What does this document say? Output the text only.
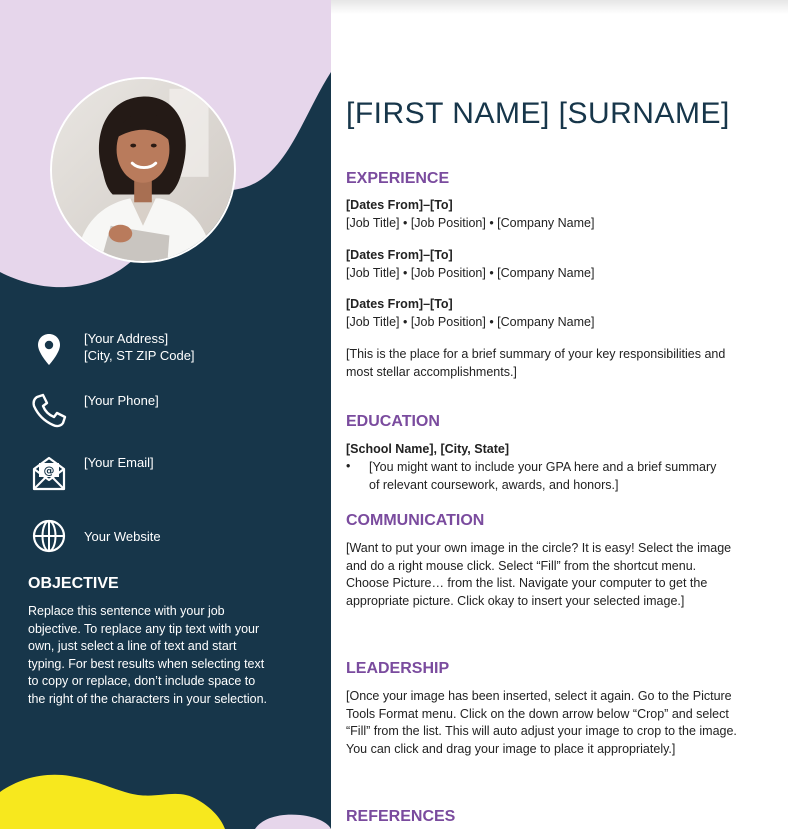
[Your Address]
[City, ST ZIP Code]
[Your Phone]
@
[Your Email]
Your Website
OBJECTIVE
Replace this sentence with your job objective. To replace any tip text with your own, just select a line of text and start typing. For best results when selecting text to copy or replace, don’t include space to the right of the characters in your selection.
[FIRST NAME] [SURNAME]
EXPERIENCE
[Dates From]–[To]
[Job Title] • [Job Position] • [Company Name]
[Dates From]–[To]
[Job Title] • [Job Position] • [Company Name]
[Dates From]–[To]
[Job Title] • [Job Position] • [Company Name]
[This is the place for a brief summary of your key responsibilities and most stellar accomplishments.]
EDUCATION
[School Name], [City, State]
• [You might want to include your GPA here and a brief summary of relevant coursework, awards, and honors.]
COMMUNICATION
[Want to put your own image in the circle? It is easy! Select the image and do a right mouse click. Select “Fill” from the shortcut menu. Choose Picture… from the list. Navigate your computer to get the appropriate picture. Click okay to insert your selected image.]
LEADERSHIP
[Once your image has been inserted, select it again. Go to the Picture Tools Format menu. Click on the down arrow below “Crop” and select “Fill” from the list. This will auto adjust your image to crop to the image. You can click and drag your image to place it appropriately.]
REFERENCES
